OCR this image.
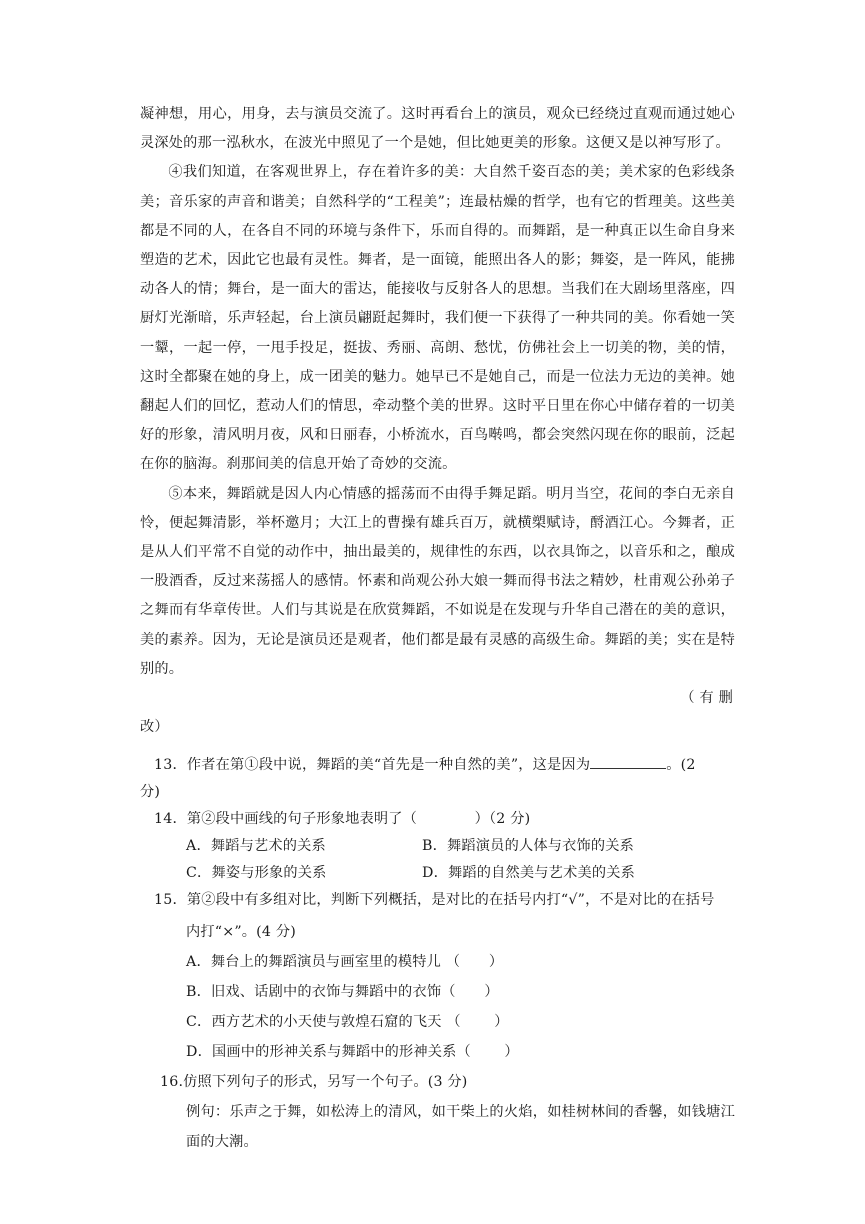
凝神想，用心，用身，去与演员交流了。这时再看台上的演员，观众已经绕过直观而通过她心灵深处的那一泓秋水，在波光中照见了一个是她，但比她更美的形象。这便又是以神写形了。

④我们知道，在客观世界上，存在着许多的美：大自然千姿百态的美；美术家的色彩线条美；音乐家的声音和谐美；自然科学的“工程美”；连最枯燥的哲学，也有它的哲理美。这些美都是不同的人，在各自不同的环境与条件下，乐而自得的。而舞蹈，是一种真正以生命自身来塑造的艺术，因此它也最有灵性。舞者，是一面镜，能照出各人的影；舞姿，是一阵风，能拂动各人的情；舞台，是一面大的雷达，能接收与反射各人的思想。当我们在大剧场里落座，四厨灯光渐暗，乐声轻起，台上演员翩跹起舞时，我们便一下获得了一种共同的美。你看她一笑一颦，一起一停，一甩手投足，挺拔、秀丽、高朗、愁忧，仿佛社会上一切美的物，美的情，这时全都聚在她的身上，成一团美的魅力。她早已不是她自己，而是一位法力无边的美神。她翻起人们的回忆，惹动人们的情思，牵动整个美的世界。这时平日里在你心中储存着的一切美好的形象，清风明月夜，风和日丽春，小桥流水，百鸟啭鸣，都会突然闪现在你的眼前，泛起在你的脑海。刹那间美的信息开始了奇妙的交流。

⑤本来，舞蹈就是因人内心情感的摇荡而不由得手舞足蹈。明月当空，花间的李白无亲自怜，便起舞清影，举杯邀月；大江上的曹操有雄兵百万，就横槊赋诗，酹酒江心。今舞者，正是从人们平常不自觉的动作中，抽出最美的，规律性的东西，以衣具饰之，以音乐和之，酿成一股酒香，反过来荡摇人的感情。怀素和尚观公孙大娘一舞而得书法之精妙，杜甫观公孙弟子之舞而有华章传世。人们与其说是在欣赏舞蹈，不如说是在发现与升华自己潜在的美的意识，美的素养。因为，无论是演员还是观者，他们都是最有灵感的高级生命。舞蹈的美；实在是特别的。

（ 有 删

改）

13．作者在第①段中说，舞蹈的美“首先是一种自然的美”，这是因为	。(2

分)

14．第②段中画线的句子形象地表明了（　　　　）（2 分)

A．舞蹈与艺术的关系	B．舞蹈演员的人体与衣饰的关系
C．舞姿与形象的关系	D．舞蹈的自然美与艺术美的关系

15．第②段中有多组对比，判断下列概括，是对比的在括号内打“√”，不是对比的在括号

内打“×”。(4 分)

A．舞台上的舞蹈演员与画室里的模特儿 （　　）

B．旧戏、话剧中的衣饰与舞蹈中的衣饰（　　）

C．西方艺术的小天使与敦煌石窟的飞天 （　　 ）

D．国画中的形神关系与舞蹈中的形神关系（　　 ）

16.仿照下列句子的形式，另写一个句子。(3 分)

例句：乐声之于舞，如松涛上的清风，如干柴上的火焰，如桂树林间的香馨，如钱塘江面的大潮。
